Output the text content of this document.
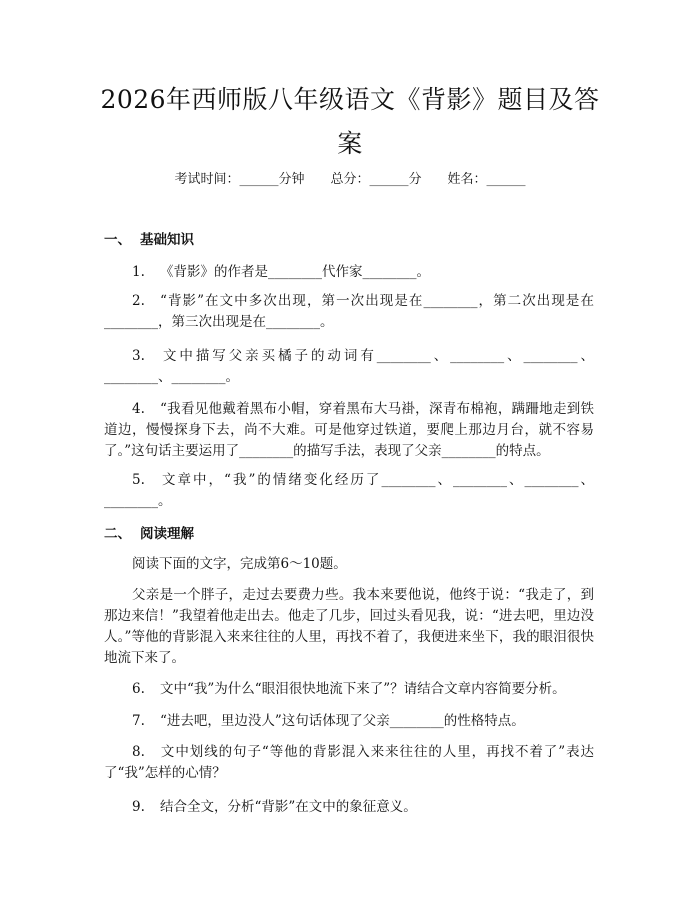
2026年西师版八年级语文《背影》题目及答案
考试时间：______分钟 总分：______分 姓名：______
一、 基础知识
1. 《背影》的作者是________代作家________。
2. “背影”在文中多次出现，第一次出现是在________，第二次出现是在________，第三次出现是在________。
3. 文中描写父亲买橘子的动词有________、________、________、________、________。
4. “我看见他戴着黑布小帽，穿着黑布大马褂，深青布棉袍，蹒跚地走到铁道边，慢慢探身下去，尚不大难。可是他穿过铁道，要爬上那边月台，就不容易了。”这句话主要运用了________的描写手法，表现了父亲________的特点。
5. 文章中，“我”的情绪变化经历了________、________、________、________。
二、 阅读理解
阅读下面的文字，完成第6～10题。
父亲是一个胖子，走过去要费力些。我本来要他说，他终于说：“我走了，到那边来信！”我望着他走出去。他走了几步，回过头看见我，说：“进去吧，里边没人。”等他的背影混入来来往往的人里，再找不着了，我便进来坐下，我的眼泪很快地流下来了。
6. 文中“我”为什么“眼泪很快地流下来了”？请结合文章内容简要分析。
7. “进去吧，里边没人”这句话体现了父亲________的性格特点。
8. 文中划线的句子“等他的背影混入来来往往的人里，再找不着了”表达了“我”怎样的心情？
9. 结合全文，分析“背影”在文中的象征意义。
